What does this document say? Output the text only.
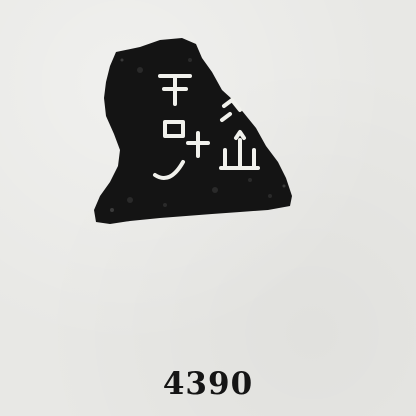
4390
